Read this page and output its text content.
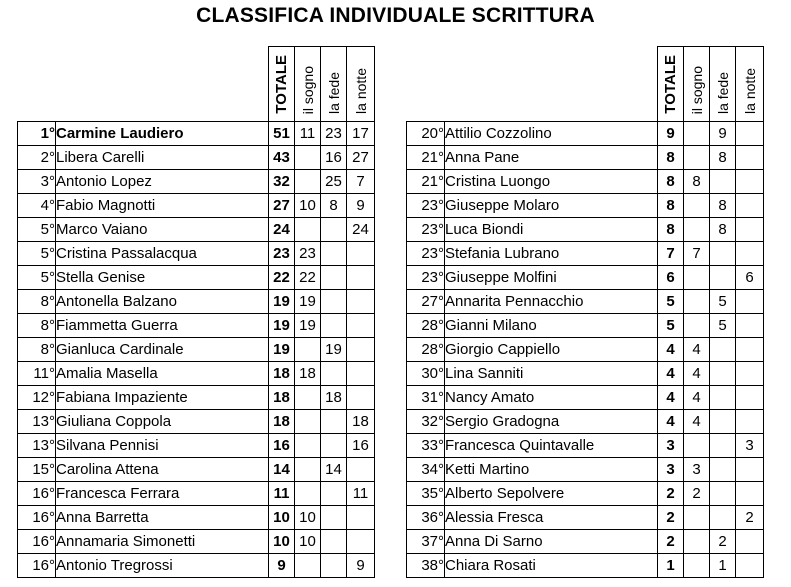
CLASSIFICA INDIVIDUALE SCRITTURA
		TOTALE	il sogno	la fede	la notte
1°	Carmine Laudiero	51	11	23	17
2°	Libera Carelli	43		16	27
3°	Antonio Lopez	32		25	7
4°	Fabio Magnotti	27	10	8	9
5°	Marco Vaiano	24			24
5°	Cristina Passalacqua	23	23		
5°	Stella Genise	22	22		
8°	Antonella Balzano	19	19		
8°	Fiammetta Guerra	19	19		
8°	Gianluca Cardinale	19		19	
11°	Amalia Masella	18	18		
12°	Fabiana Impaziente	18		18	
13°	Giuliana Coppola	18			18
13°	Silvana Pennisi	16			16
15°	Carolina Attena	14		14	
16°	Francesca Ferrara	11			11
16°	Anna Barretta	10	10		
16°	Annamaria Simonetti	10	10		
16°	Antonio Tregrossi	9			9
		TOTALE	il sogno	la fede	la notte
20°	Attilio Cozzolino	9		9	
21°	Anna Pane	8		8	
21°	Cristina Luongo	8	8		
23°	Giuseppe Molaro	8		8	
23°	Luca Biondi	8		8	
23°	Stefania Lubrano	7	7		
23°	Giuseppe Molfini	6			6
27°	Annarita Pennacchio	5		5	
28°	Gianni Milano	5		5	
28°	Giorgio Cappiello	4	4		
30°	Lina Sanniti	4	4		
31°	Nancy Amato	4	4		
32°	Sergio Gradogna	4	4		
33°	Francesca Quintavalle	3			3
34°	Ketti Martino	3	3		
35°	Alberto Sepolvere	2	2		
36°	Alessia Fresca	2			2
37°	Anna Di Sarno	2		2	
38°	Chiara Rosati	1		1	
